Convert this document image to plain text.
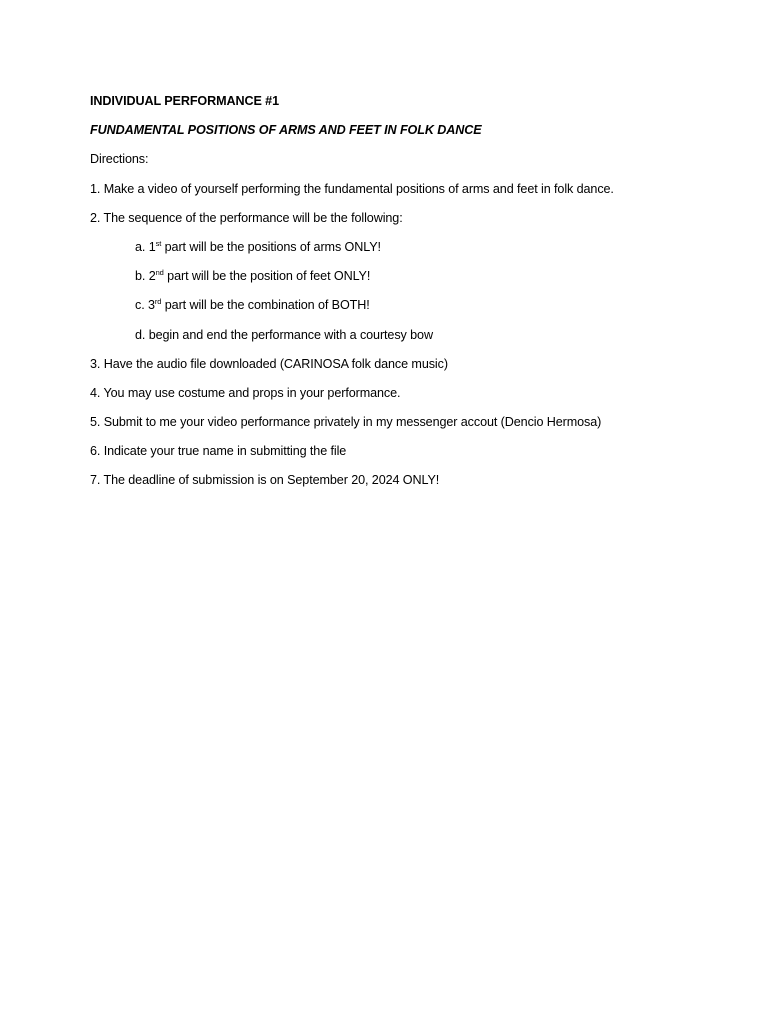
INDIVIDUAL PERFORMANCE #1
FUNDAMENTAL POSITIONS OF ARMS AND FEET IN FOLK DANCE
Directions:
1. Make a video of yourself performing the fundamental positions of arms and feet in folk dance.
2. The sequence of the performance will be the following:
a. 1st part will be the positions of arms ONLY!
b. 2nd part will be the position of feet ONLY!
c. 3rd part will be the combination of BOTH!
d. begin and end the performance with a courtesy bow
3. Have the audio file downloaded (CARINOSA folk dance music)
4. You may use costume and props in your performance.
5. Submit to me your video performance privately in my messenger accout (Dencio Hermosa)
6. Indicate your true name in submitting the file
7. The deadline of submission is on September 20, 2024 ONLY!
